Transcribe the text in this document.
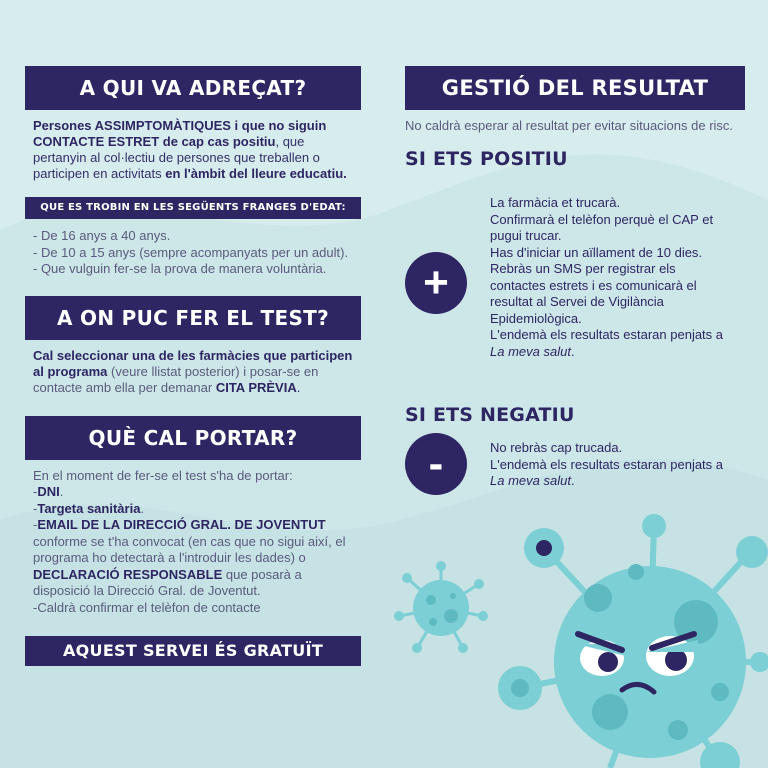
A QUI VA ADREÇAT?
Persones ASSIMPTOMÀTIQUES i que no siguin CONTACTE ESTRET de cap cas positiu, que pertanyin al col·lectiu de persones que treballen o participen en activitats en l'àmbit del lleure educatiu.
QUE ES TROBIN EN LES SEGÜENTS FRANGES D'EDAT:
- De 16 anys a 40 anys.
- De 10 a 15 anys (sempre acompanyats per un adult).
- Que vulguin fer-se la prova de manera voluntària.
A ON PUC FER EL TEST?
Cal seleccionar una de les farmàcies que participen al programa (veure llistat posterior) i posar-se en contacte amb ella per demanar CITA PRÈVIA.
QUÈ CAL PORTAR?
En el moment de fer-se el test s'ha de portar:
-DNI.
-Targeta sanitària.
-EMAIL DE LA DIRECCIÓ GRAL. DE JOVENTUT conforme se t'ha convocat (en cas que no sigui així, el programa ho detectarà a l'introduir les dades) o DECLARACIÓ RESPONSABLE que posarà a disposició la Direcció Gral. de Joventut.
-Caldrà confirmar el telèfon de contacte
AQUEST SERVEI ÉS GRATUÏT
GESTIÓ DEL RESULTAT
No caldrà esperar al resultat per evitar situacions de risc.
SI ETS POSITIU
+
La farmàcia et trucarà.
Confirmarà el telèfon perquè el CAP et pugui trucar.
Has d'iniciar un aïllament de 10 dies.
Rebràs un SMS per registrar els contactes estrets i es comunicarà el resultat al Servei de Vigilància Epidemiològica.
L'endemà els resultats estaran penjats a La meva salut.
SI ETS NEGATIU
-	No rebràs cap trucada.
L'endemà els resultats estaran penjats a La meva salut.
